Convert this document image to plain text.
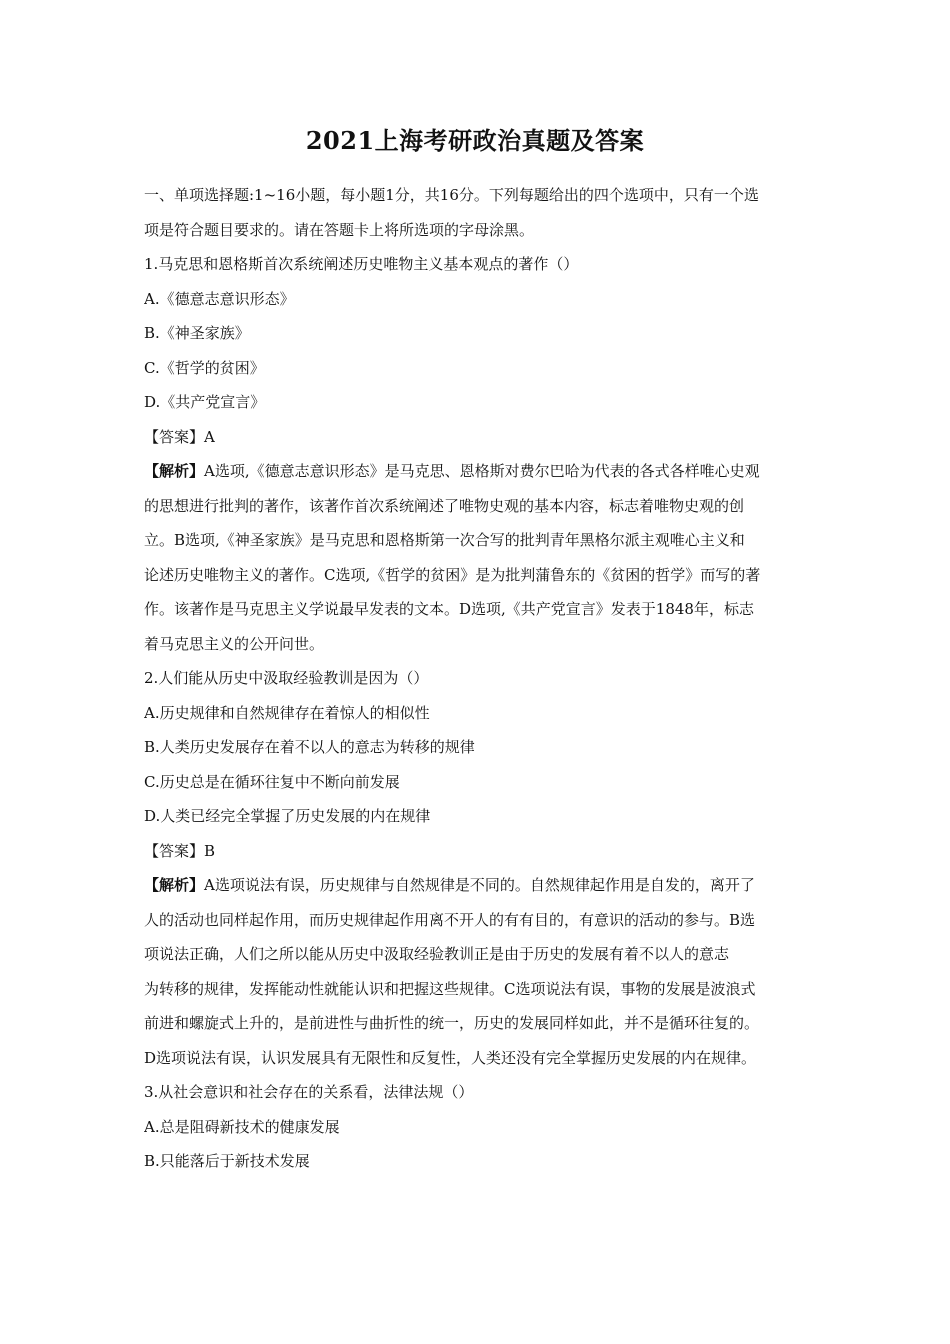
2021上海考研政治真题及答案
一、单项选择题:1~16小题，每小题1分，共16分。下列每题给出的四个选项中，只有一个选
项是符合题目要求的。请在答题卡上将所选项的字母涂黑。
1.马克思和恩格斯首次系统阐述历史唯物主义基本观点的著作（）
A.《德意志意识形态》
B.《神圣家族》
C.《哲学的贫困》
D.《共产党宣言》
【答案】A
【解析】A选项,《德意志意识形态》是马克思、恩格斯对费尔巴哈为代表的各式各样唯心史观
的思想进行批判的著作，该著作首次系统阐述了唯物史观的基本内容，标志着唯物史观的创
立。B选项,《神圣家族》是马克思和恩格斯第一次合写的批判青年黑格尔派主观唯心主义和
论述历史唯物主义的著作。C选项,《哲学的贫困》是为批判蒲鲁东的《贫困的哲学》而写的著
作。该著作是马克思主义学说最早发表的文本。D选项,《共产党宣言》发表于1848年，标志
着马克思主义的公开问世。
2.人们能从历史中汲取经验教训是因为（）
A.历史规律和自然规律存在着惊人的相似性
B.人类历史发展存在着不以人的意志为转移的规律
C.历史总是在循环往复中不断向前发展
D.人类已经完全掌握了历史发展的内在规律
【答案】B
【解析】A选项说法有误，历史规律与自然规律是不同的。自然规律起作用是自发的，离开了
人的活动也同样起作用，而历史规律起作用离不开人的有有目的，有意识的活动的参与。B选
项说法正确，人们之所以能从历史中汲取经验教训正是由于历史的发展有着不以人的意志
为转移的规律，发挥能动性就能认识和把握这些规律。C选项说法有误，事物的发展是波浪式
前进和螺旋式上升的，是前进性与曲折性的统一，历史的发展同样如此，并不是循环往复的。
D选项说法有误，认识发展具有无限性和反复性，人类还没有完全掌握历史发展的内在规律。
3.从社会意识和社会存在的关系看，法律法规（）
A.总是阻碍新技术的健康发展
B.只能落后于新技术发展
